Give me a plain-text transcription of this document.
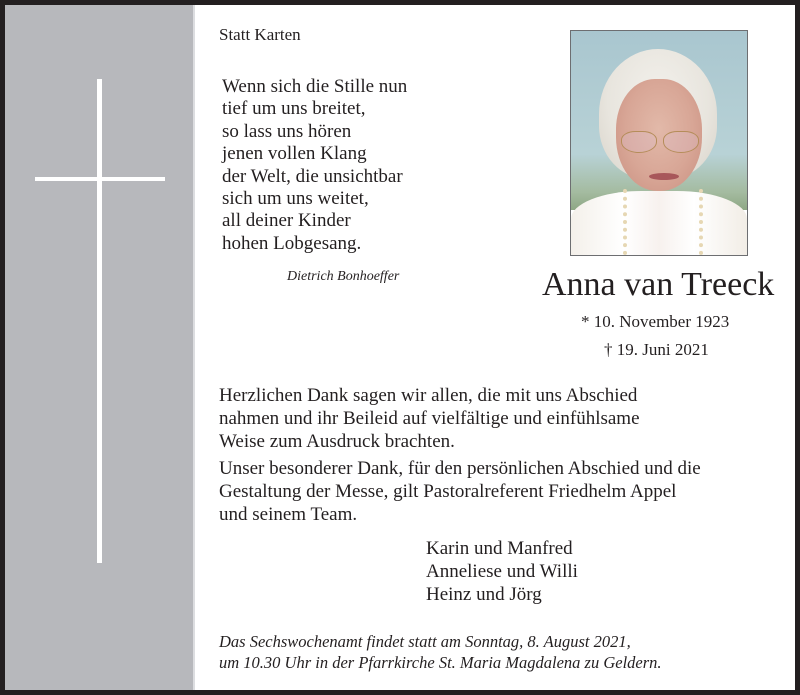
Statt Karten
Wenn sich die Stille nun
tief um uns breitet,
so lass uns hören
jenen vollen Klang
der Welt, die unsichtbar
sich um uns weitet,
all deiner Kinder
hohen Lobgesang.
Dietrich Bonhoeffer	Anna van Treeck
* 10. November 1923
† 19. Juni 2021

Herzlichen Dank sagen wir allen, die mit uns Abschied
nahmen und ihr Beileid auf vielfältige und einfühlsame
Weise zum Ausdruck brachten.

Unser besonderer Dank, für den persönlichen Abschied und die
Gestaltung der Messe, gilt Pastoralreferent Friedhelm Appel
und seinem Team.

Karin und Manfred
Anneliese und Willi
Heinz und Jörg
Das Sechswochenamt findet statt am Sonntag, 8. August 2021,
um 10.30 Uhr in der Pfarrkirche St. Maria Magdalena zu Geldern.
